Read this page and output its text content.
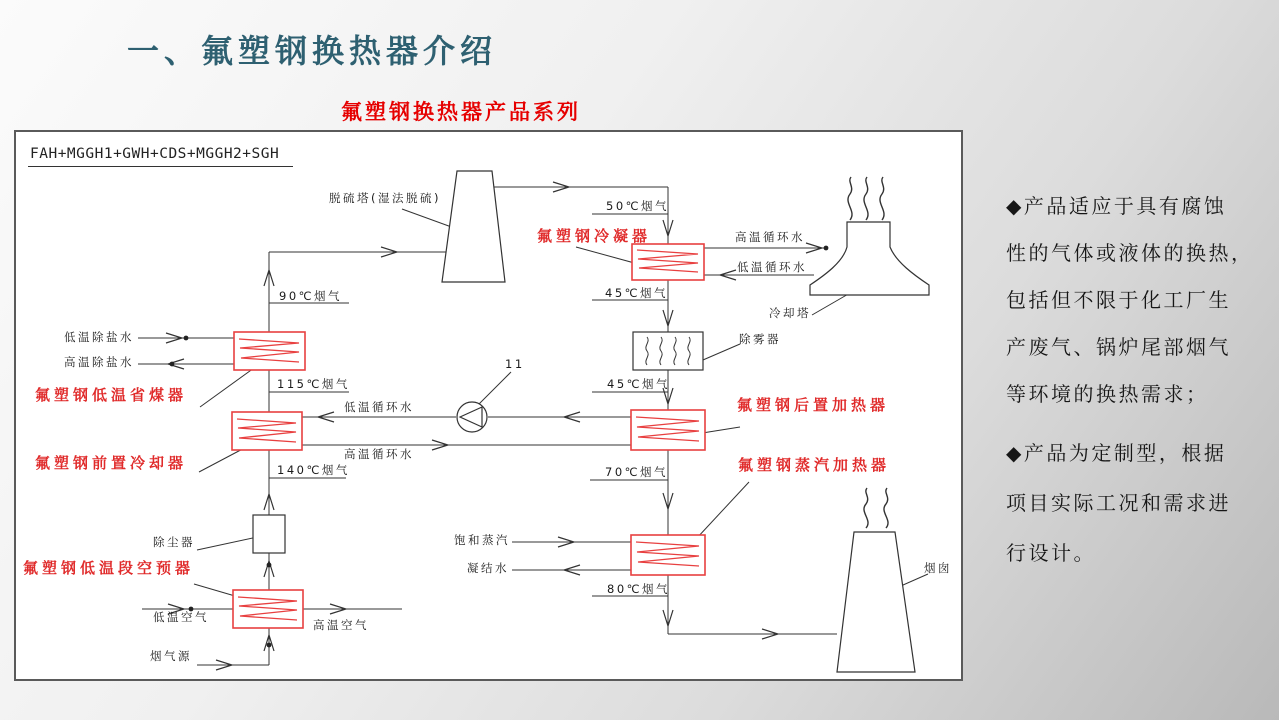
一、氟塑钢换热器介绍
氟塑钢换热器产品系列
FAH+MGGH1+GWH+CDS+MGGH2+SGH
脱硫塔(湿法脱硫)
50℃烟气
氟塑钢冷凝器	高温循环水
低温循环水
冷却塔
90℃烟气
低温除盐水
高温除盐水
氟塑钢低温省煤器
115℃烟气
45℃烟气
除雾器
45℃烟气
11
低温循环水
高温循环水
氟塑钢后置加热器
氟塑钢前置冷却器	140℃烟气	氟塑钢蒸汽加热器
70℃烟气
除尘器
氟塑钢低温段空预器
饱和蒸汽
凝结水
80℃烟气
低温空气
高温空气
烟气源
烟囱
◆产品适应于具有腐蚀
性的气体或液体的换热，
包括但不限于化工厂生
产废气、锅炉尾部烟气
等环境的换热需求；
◆产品为定制型，根据
项目实际工况和需求进
行设计。
